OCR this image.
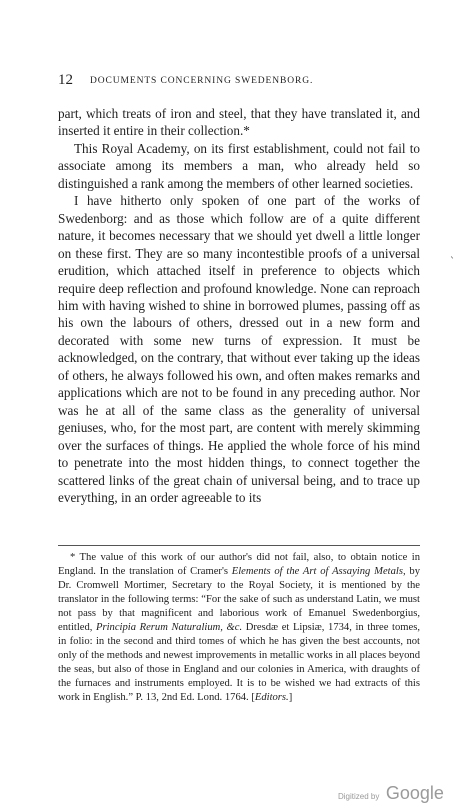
12 DOCUMENTS CONCERNING SWEDENBORG.

part, which treats of iron and steel, that they have translated it, and inserted it entire in their collection.*

This Royal Academy, on its first establishment, could not fail to associate among its members a man, who already held so distinguished a rank among the members of other learned societies.

I have hitherto only spoken of one part of the works of Swedenborg: and as those which follow are of a quite different nature, it becomes necessary that we should yet dwell a little longer on these first. They are so many incontestible proofs of a universal erudition, which attached itself in preference to objects which require deep reflection and profound knowledge. None can reproach him with having wished to shine in borrowed plumes, passing off as his own the labours of others, dressed out in a new form and decorated with some new turns of expression. It must be acknowledged, on the contrary, that without ever taking up the ideas of others, he always followed his own, and often makes remarks and applications which are not to be found in any preceding author. Nor was he at all of the same class as the generality of universal geniuses, who, for the most part, are content with merely skimming over the surfaces of things. He applied the whole force of his mind to penetrate into the most hidden things, to connect together the scattered links of the great chain of universal being, and to trace up everything, in an order agreeable to its

`

* The value of this work of our author's did not fail, also, to obtain notice in England. In the translation of Cramer's Elements of the Art of Assaying Metals, by Dr. Cromwell Mortimer, Secretary to the Royal Society, it is mentioned by the translator in the following terms: “For the sake of such as understand Latin, we must not pass by that magnificent and laborious work of Emanuel Swedenborgius, entitled, Principia Rerum Naturalium, &c. Dresdæ et Lipsiæ, 1734, in three tomes, in folio: in the second and third tomes of which he has given the best accounts, not only of the methods and newest improvements in metallic works in all places beyond the seas, but also of those in England and our colonies in America, with draughts of the furnaces and instruments employed. It is to be wished we had extracts of this work in English.” P. 13, 2nd Ed. Lond. 1764. [Editors.]

Digitized by Google
